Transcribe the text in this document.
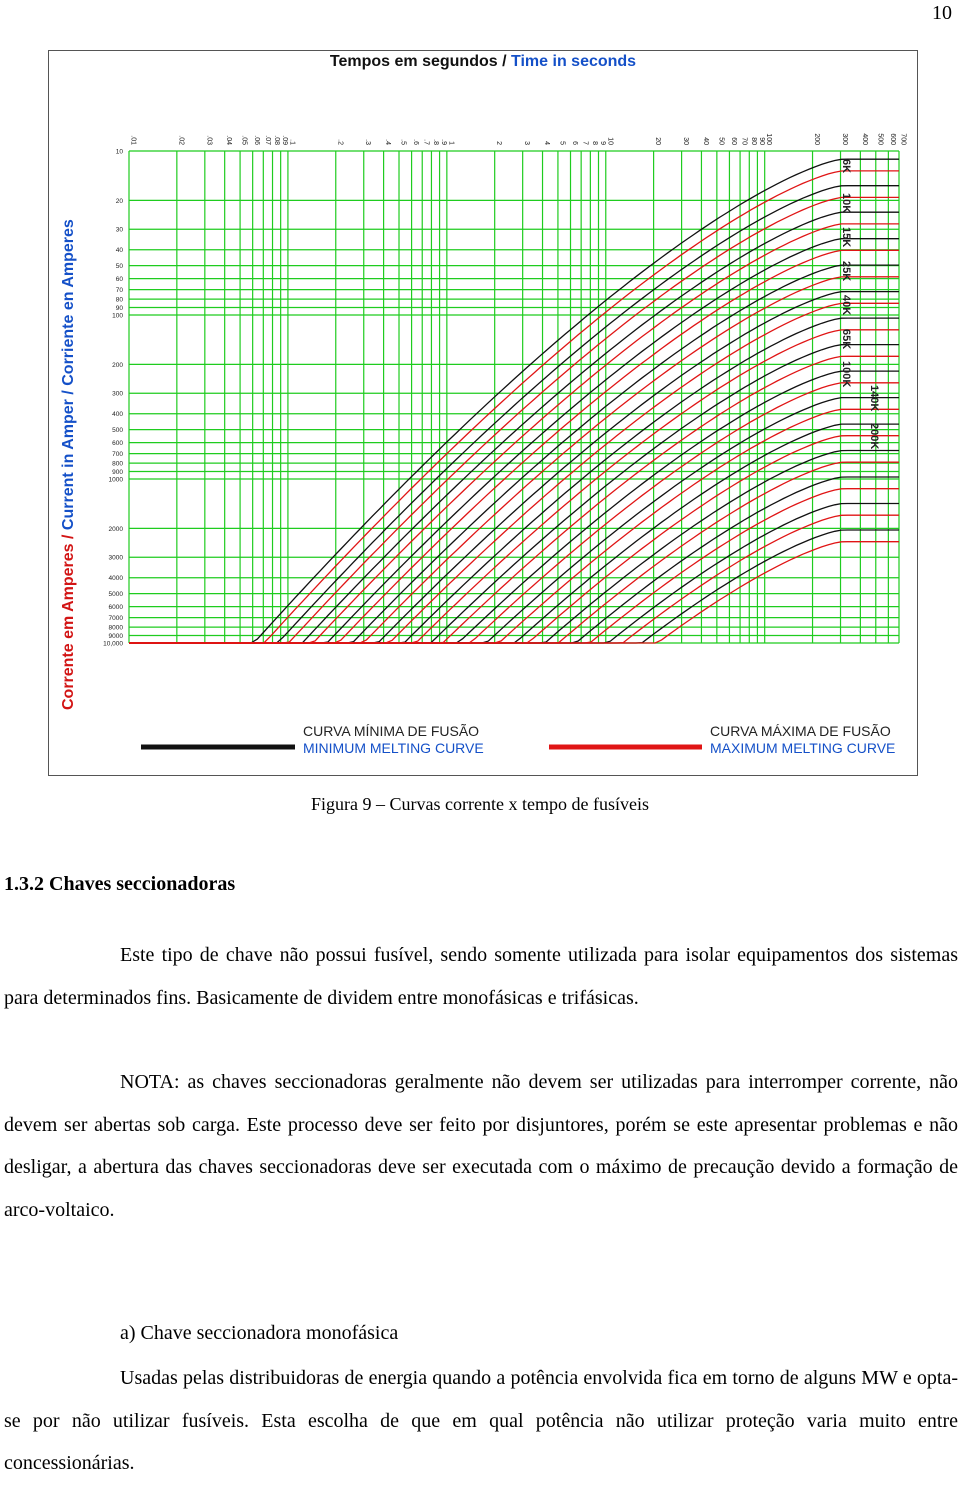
10
.01	.02	.03 .04 .05 .06 .07 .08 .09 .1	.2	.3 .4 .5 .6 .7 .8 .9 1	2	3 4 5 6 7 8 9 10	20	30 40 50 60 70 80 90 100	200	300 400 500 600 700
10
20
30
40
50
60
70
80
90
100
200
300
400
500
600
700
800
900
1000
2000
3000
4000
5000
6000
7000
8000
9000
10,000
6K
10K
15K
25K
40K
65K
100K
140K
200K
Tempos em segundos / Time in seconds
Corrente em Amperes / Current in Amper / Corriente en Amperes
CURVA MÍNIMA DE FUSÃO
MINIMUM MELTING CURVE
CURVA MÁXIMA DE FUSÃO
MAXIMUM MELTING CURVE
Figura 9 – Curvas corrente x tempo de fusíveis
1.3.2 Chaves seccionadoras

Este tipo de chave não possui fusível, sendo somente utilizada para isolar equipamentos dos sistemas para determinados fins. Basicamente de dividem entre monofásicas e trifásicas.

NOTA: as chaves seccionadoras geralmente não devem ser utilizadas para interromper corrente, não devem ser abertas sob carga. Este processo deve ser feito por disjuntores, porém se este apresentar problemas e não desligar, a abertura das chaves seccionadoras deve ser executada com o máximo de precaução devido a formação de arco-voltaico.

a) Chave seccionadora monofásica

Usadas pelas distribuidoras de energia quando a potência envolvida fica em torno de alguns MW e opta-se por não utilizar fusíveis. Esta escolha de que em qual potência não utilizar proteção varia muito entre concessionárias.
